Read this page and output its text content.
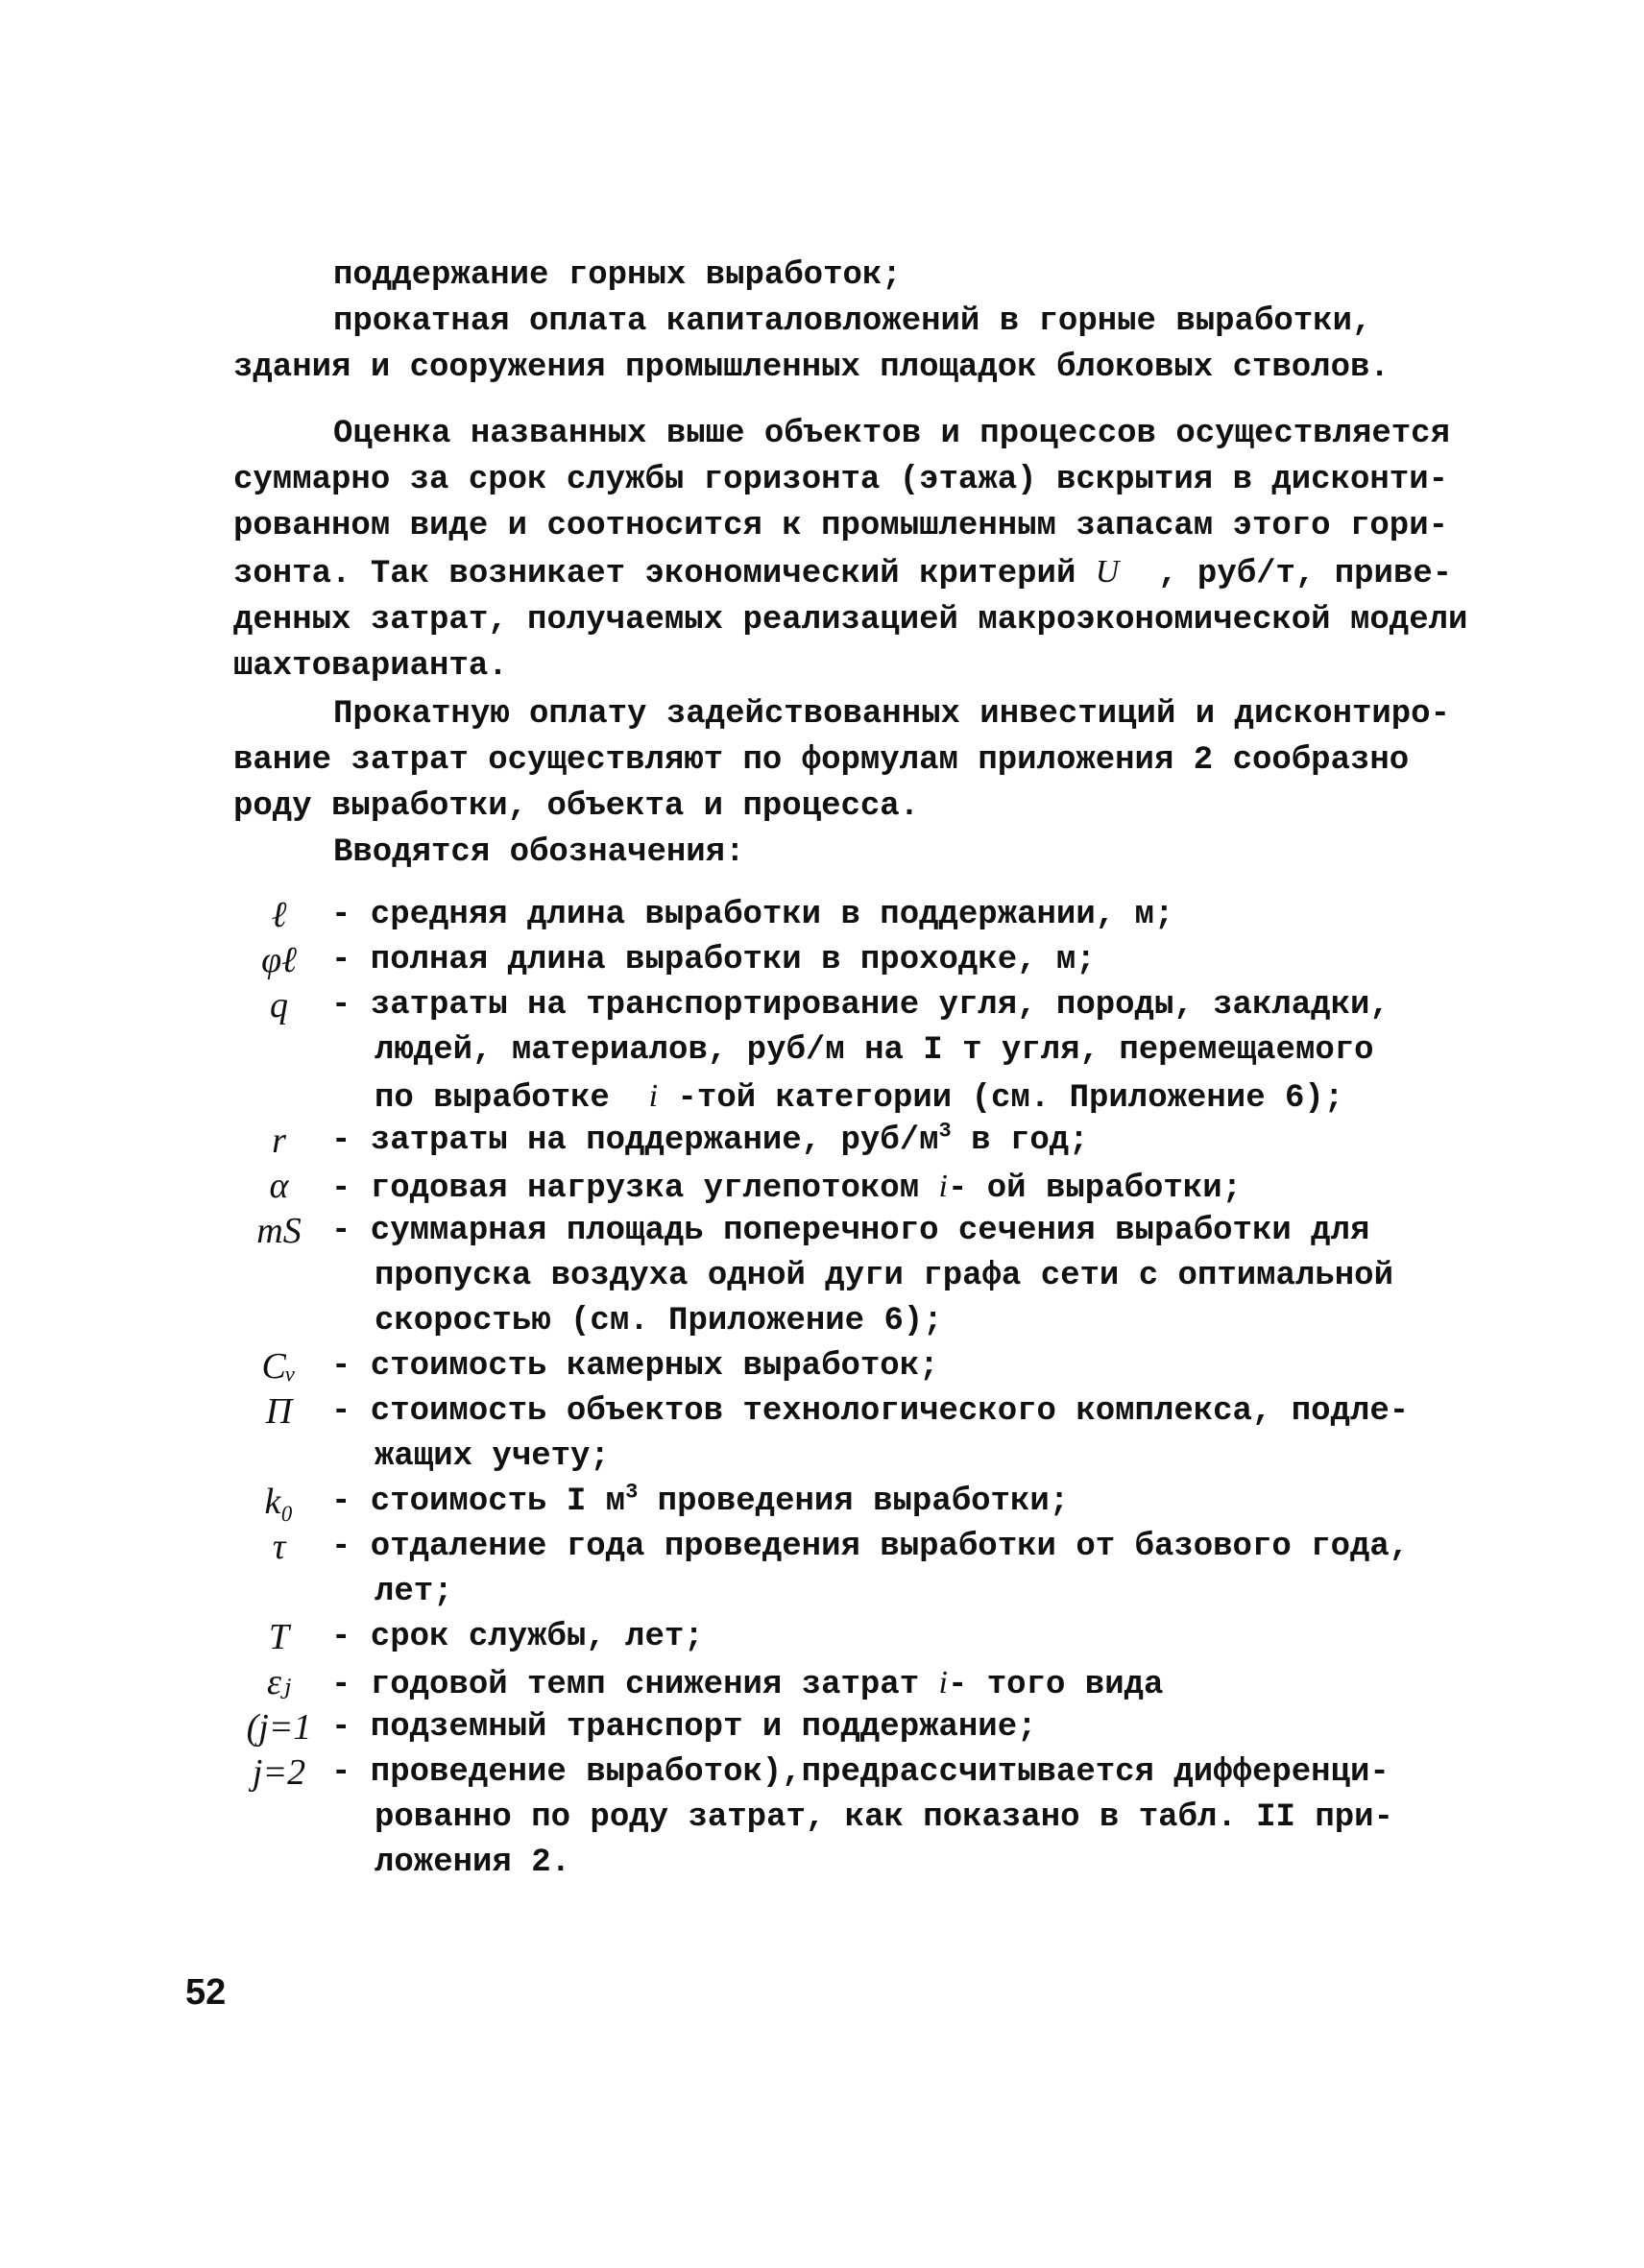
поддержание горных выработок;
прокатная оплата капиталовложений в горные выработки,
здания и сооружения промышленных площадок блоковых стволов.
Оценка названных выше объектов и процессов осуществляется
суммарно за срок службы горизонта (этажа) вскрытия в дисконти-
рованном виде и соотносится к промышленным запасам этого гори-
зонта. Так возникает экономический критерий U , руб/т, приве-
денных затрат, получаемых реализацией макроэкономической модели
шахтоварианта.
Прокатную оплату задействованных инвестиций и дисконтиро-
вание затрат осуществляют по формулам приложения 2 сообразно
роду выработки, объекта и процесса.
Вводятся обозначения:
ℓ	- средняя длина выработки в поддержании, м;
φℓ	- полная длина выработки в проходке, м;
q	- затраты на транспортирование угля, породы, закладки,
людей, материалов, руб/м на I т угля, перемещаемого
по выработке i -той категории (см. Приложение 6);
r	- затраты на поддержание, руб/$м^3$ в год;
α	- годовая нагрузка углепотоком i- ой выработки;
mS - суммарная площадь поперечного сечения выработки для
пропуска воздуха одной дуги графа сети с оптимальной
скоростью (см. Приложение 6);
Cᵥ	- стоимость камерных выработок;
П	- стоимость объектов технологического комплекса, подле-
жащих учету;
k₀	- стоимость I $м^3$ проведения выработки;
τ	- отдаление года проведения выработки от базового года,
лет;
T	- срок службы, лет;
εⱼ	- годовой темп снижения затрат i- того вида
(j=1 - подземный транспорт и поддержание;
j=2 - проведение выработок),предрассчитывается дифференци-
рованно по роду затрат, как показано в табл. II при-
ложения 2.
52
